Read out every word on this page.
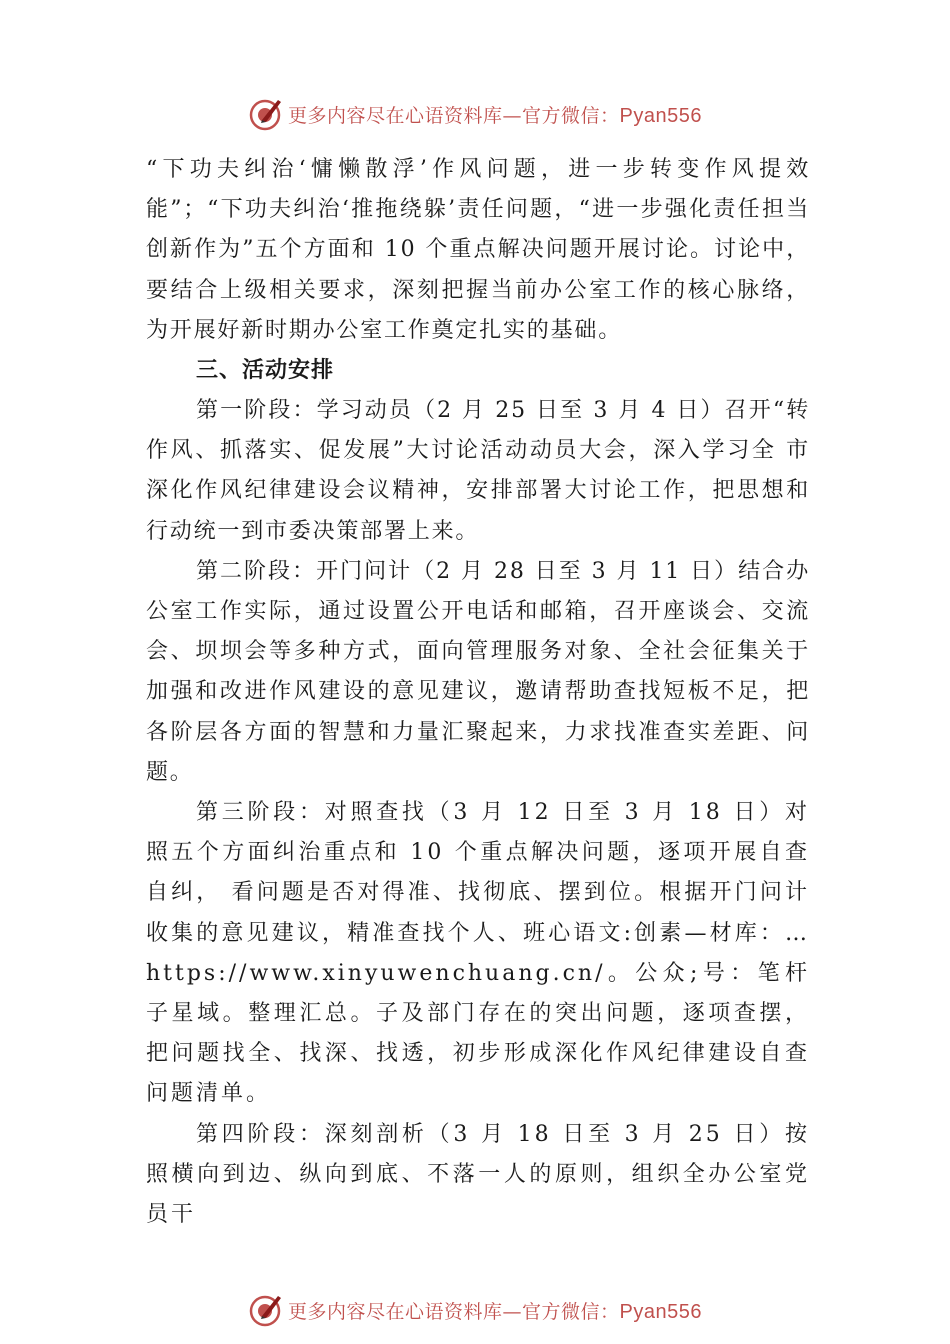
更多内容尽在心语资料库—官方微信：Pyan556

“下功夫纠治‘慵懒散浮’作风问题，进一步转变作风提效能”；“下功夫纠治‘推拖绕躲’责任问题，“进一步强化责任担当创新作为”五个方面和 10 个重点解决问题开展讨论。讨论中，要结合上级相关要求，深刻把握当前办公室工作的核心脉络，为开展好新时期办公室工作奠定扎实的基础。

三、活动安排

第一阶段：学习动员（2 月 25 日至 3 月 4 日）召开“转作风、抓落实、促发展”大讨论活动动员大会，深入学习全 市深化作风纪律建设会议精神，安排部署大讨论工作，把思想和行动统一到市委决策部署上来。

第二阶段：开门问计（2 月 28 日至 3 月 11 日）结合办公室工作实际，通过设置公开电话和邮箱，召开座谈会、交流会、坝坝会等多种方式，面向管理服务对象、全社会征集关于加强和改进作风建设的意见建议，邀请帮助查找短板不足，把各阶层各方面的智慧和力量汇聚起来，力求找准查实差距、问题。

第三阶段：对照查找（3 月 12 日至 3 月 18 日）对照五个方面纠治重点和 10 个重点解决问题，逐项开展自查自纠， 看问题是否对得准、找彻底、摆到位。根据开门问计收集的意见建议，精准查找个人、班心语文:创素—材库：…https://www.xinyuwenchuang.cn/。公众;号：笔杆子星域。整理汇总。子及部门存在的突出问题，逐项查摆，把问题找全、找深、找透，初步形成深化作风纪律建设自查问题清单。

第四阶段：深刻剖析（3 月 18 日至 3 月 25 日）按照横向到边、纵向到底、不落一人的原则，组织全办公室党员干

更多内容尽在心语资料库—官方微信：Pyan556
